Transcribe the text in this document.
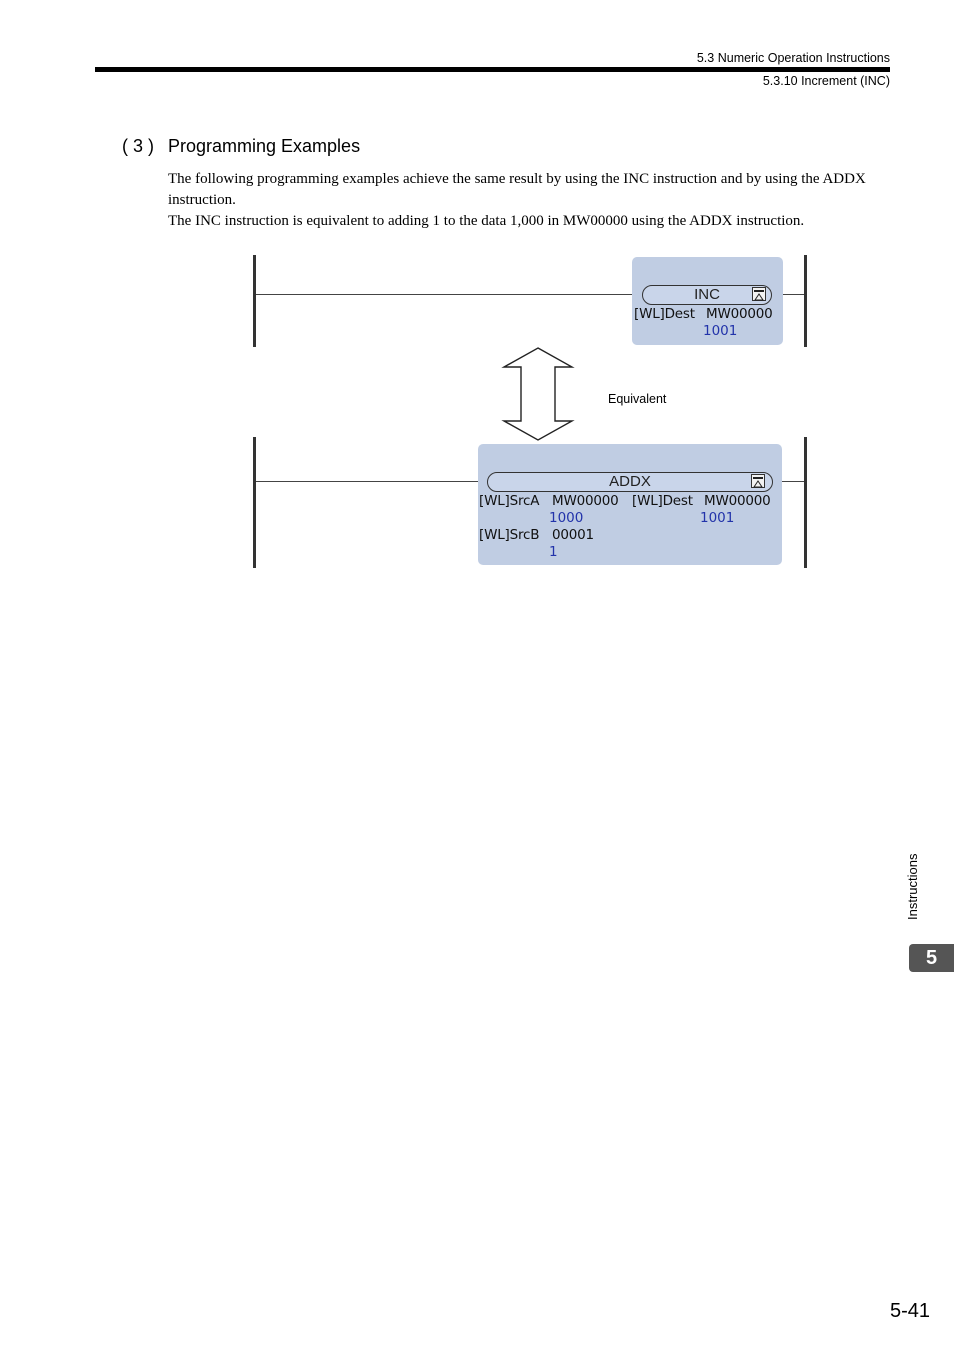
5.3 Numeric Operation Instructions
5.3.10 Increment (INC)
( 3 ) Programming Examples
The following programming examples achieve the same result by using the INC instruction and by using the ADDX instruction.
The INC instruction is equivalent to adding 1 to the data 1,000 in MW00000 using the ADDX instruction.
INC
[WL]Dest MW00000
1001
Equivalent
ADDX
[WL]SrcA MW00000 [WL]Dest MW00000
1000	1001
[WL]SrcB 00001
1
Instructions
5
5-41
